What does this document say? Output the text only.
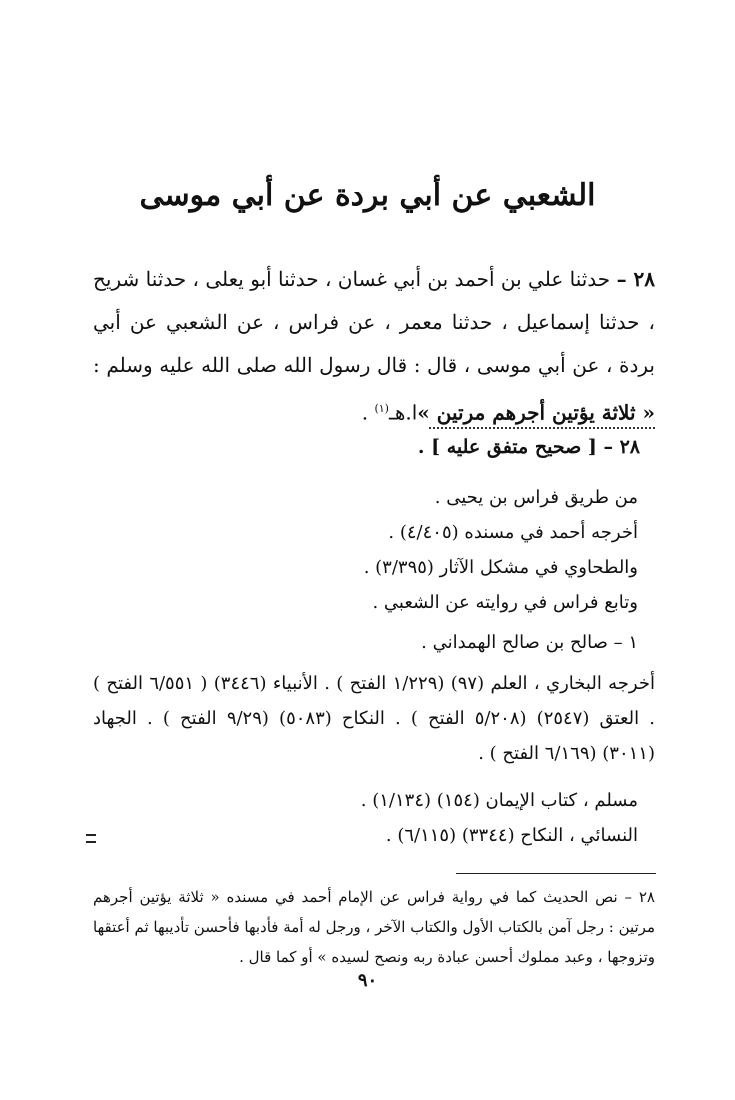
الشعبي عن أبي بردة عن أبي موسى

٢٨ – حدثنا علي بن أحمد بن أبي غسان ، حدثنا أبو يعلى ، حدثنا شريح ، حدثنا إسماعيل ، حدثنا معمر ، عن فراس ، عن الشعبي عن أبي بردة ، عن أبي موسى ، قال : قال رسول الله صلى الله عليه وسلم : « ثلاثة يؤتين أجرهم مرتين »ا.هـ$^{(١)}$ .

٢٨ – [ صحيح متفق عليه ] .

من طريق فراس بن يحيى .

أخرجه أحمد في مسنده (٤/٤٠٥) .

والطحاوي في مشكل الآثار (٣/٣٩٥) .

وتابع فراس في روايته عن الشعبي .

١ – صالح بن صالح الهمداني .

أخرجه البخاري ، العلم (٩٧) (١/٢٢٩ الفتح ) . الأنبياء (٣٤٤٦) ( ٦/٥٥١ الفتح ) . العتق (٢٥٤٧) (٥/٢٠٨ الفتح ) . النكاح (٥٠٨٣) (٩/٢٩ الفتح ) . الجهاد (٣٠١١) (٦/١٦٩ الفتح ) .

مسلم ، كتاب الإيمان (١٥٤) (١/١٣٤) .

النسائي ، النكاح (٣٣٤٤) (٦/١١٥) .

٢٨ – نص الحديث كما في رواية فراس عن الإمام أحمد في مسنده « ثلاثة يؤتين أجرهم مرتين : رجل آمن بالكتاب الأول والكتاب الآخر ، ورجل له أمة فأدبها فأحسن تأديبها ثم أعتقها وتزوجها ، وعبد مملوك أحسن عبادة ربه ونصح لسيده » أو كما قال .

٩٠
